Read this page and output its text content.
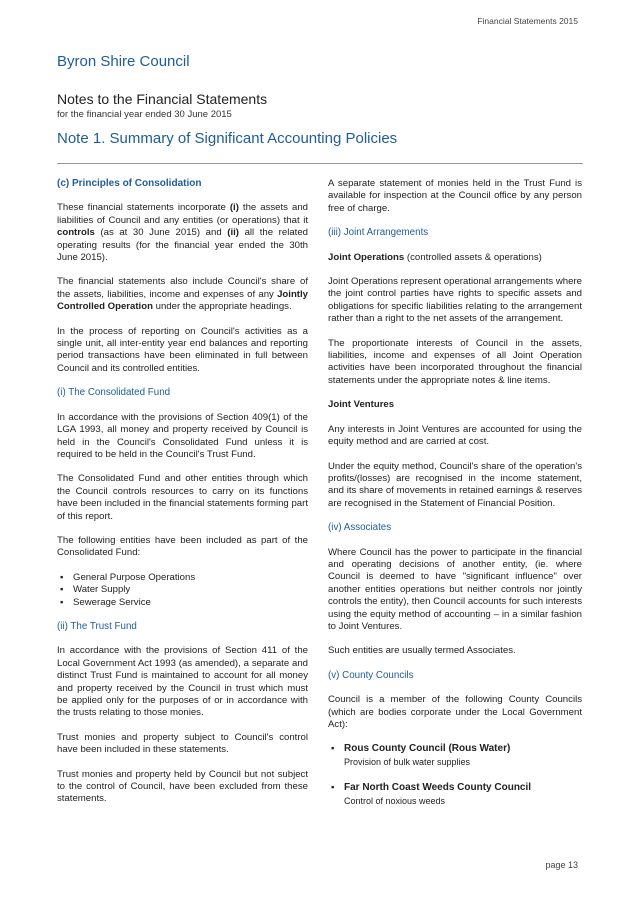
Financial Statements 2015
Byron Shire Council
Notes to the Financial Statements
for the financial year ended 30 June 2015
Note 1. Summary of Significant Accounting Policies
(c) Principles of Consolidation

These financial statements incorporate (i) the assets and liabilities of Council and any entities (or operations) that it controls (as at 30 June 2015) and (ii) all the related operating results (for the financial year ended the 30th June 2015).

The financial statements also include Council's share of the assets, liabilities, income and expenses of any Jointly Controlled Operation under the appropriate headings.

In the process of reporting on Council's activities as a single unit, all inter-entity year end balances and reporting period transactions have been eliminated in full between Council and its controlled entities.

(i) The Consolidated Fund

In accordance with the provisions of Section 409(1) of the LGA 1993, all money and property received by Council is held in the Council's Consolidated Fund unless it is required to be held in the Council's Trust Fund.

The Consolidated Fund and other entities through which the Council controls resources to carry on its functions have been included in the financial statements forming part of this report.

The following entities have been included as part of the Consolidated Fund:

▪ General Purpose Operations
▪ Water Supply
▪ Sewerage Service
(ii) The Trust Fund

In accordance with the provisions of Section 411 of the Local Government Act 1993 (as amended), a separate and distinct Trust Fund is maintained to account for all money and property received by the Council in trust which must be applied only for the purposes of or in accordance with the trusts relating to those monies.

Trust monies and property subject to Council's control have been included in these statements.

Trust monies and property held by Council but not subject to the control of Council, have been excluded from these statements.

A separate statement of monies held in the Trust Fund is available for inspection at the Council office by any person free of charge.

(iii) Joint Arrangements

Joint Operations (controlled assets & operations)

Joint Operations represent operational arrangements where the joint control parties have rights to specific assets and obligations for specific liabilities relating to the arrangement rather than a right to the net assets of the arrangement.

The proportionate interests of Council in the assets, liabilities, income and expenses of all Joint Operation activities have been incorporated throughout the financial statements under the appropriate notes & line items.

Joint Ventures

Any interests in Joint Ventures are accounted for using the equity method and are carried at cost.

Under the equity method, Council's share of the operation's profits/(losses) are recognised in the income statement, and its share of movements in retained earnings & reserves are recognised in the Statement of Financial Position.

(iv) Associates

Where Council has the power to participate in the financial and operating decisions of another entity, (ie. where Council is deemed to have "significant influence" over another entities operations but neither controls nor jointly controls the entity), then Council accounts for such interests using the equity method of accounting – in a similar fashion to Joint Ventures.

Such entities are usually termed Associates.

(v) County Councils

Council is a member of the following County Councils (which are bodies corporate under the Local Government Act):

▪ Rous County Council (Rous Water)
Provision of bulk water supplies
▪ Far North Coast Weeds County Council
Control of noxious weeds
page 13
